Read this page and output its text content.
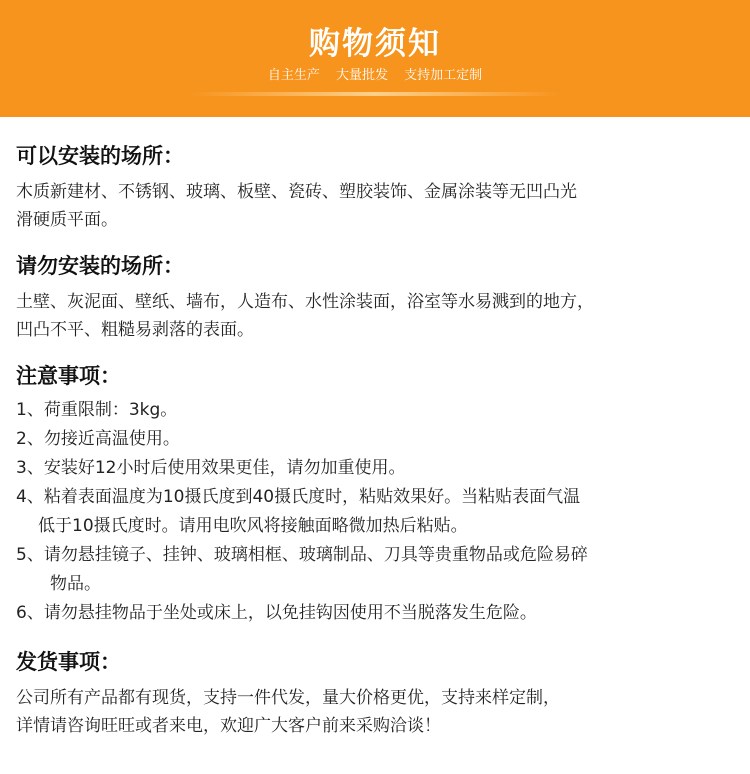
购物须知
自主生产 大量批发 支持加工定制
可以安装的场所：

木质新建材、不锈钢、玻璃、板壁、瓷砖、塑胶装饰、金属涂装等无凹凸光

滑硬质平面。

请勿安装的场所：

土壁、灰泥面、壁纸、墙布，人造布、水性涂装面，浴室等水易溅到的地方，

凹凸不平、粗糙易剥落的表面。

注意事项：
1、荷重限制：3kg。
2、勿接近高温使用。
3、安装好12小时后使用效果更佳，请勿加重使用。
4、粘着表面温度为10摄氏度到40摄氏度时，粘贴效果好。当粘贴表面气温
低于10摄氏度时。请用电吹风将接触面略微加热后粘贴。
5、请勿悬挂镜子、挂钟、玻璃相框、玻璃制品、刀具等贵重物品或危险易碎
物品。
6、请勿悬挂物品于坐处或床上，以免挂钩因使用不当脱落发生危险。
发货事项：

公司所有产品都有现货，支持一件代发，量大价格更优，支持来样定制，

详情请咨询旺旺或者来电，欢迎广大客户前来采购洽谈！
